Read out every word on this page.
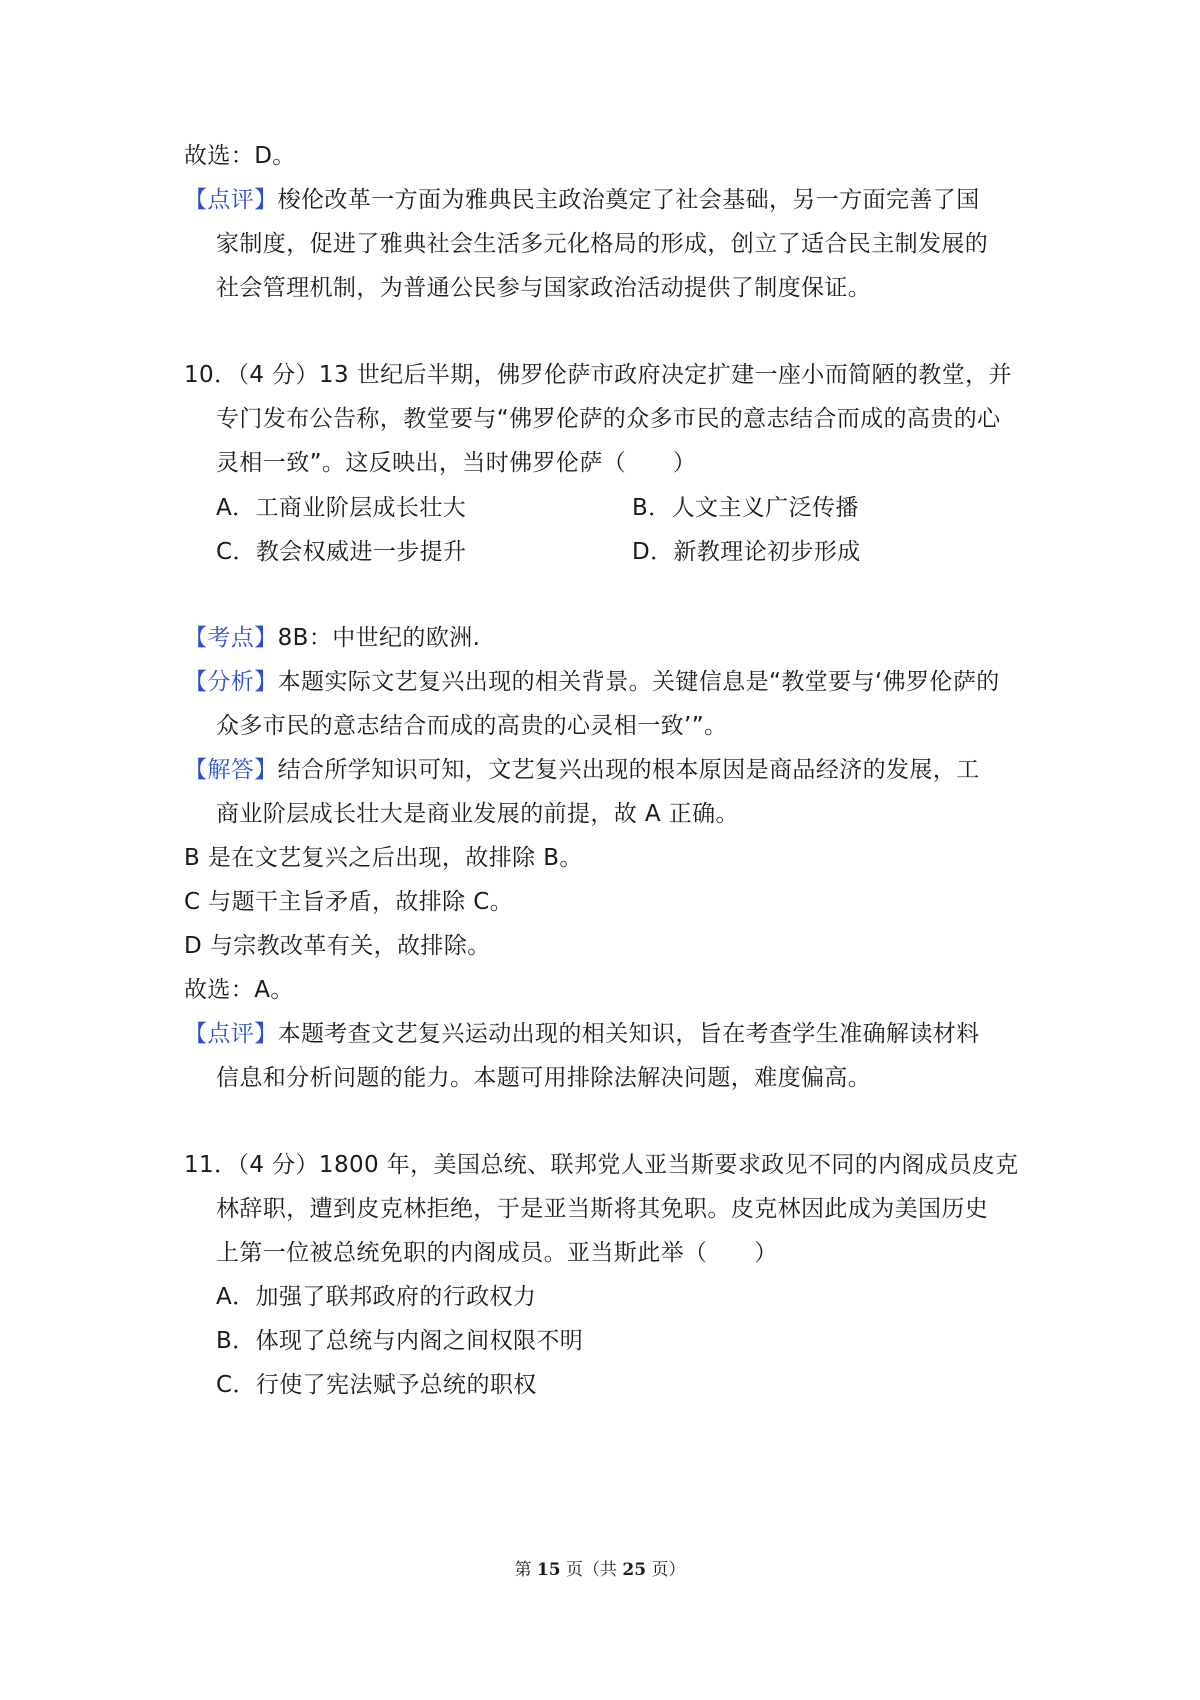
故选：D。
【点评】梭伦改革一方面为雅典民主政治奠定了社会基础，另一方面完善了国
家制度，促进了雅典社会生活多元化格局的形成，创立了适合民主制发展的
社会管理机制，为普通公民参与国家政治活动提供了制度保证。
10．（4 分）13 世纪后半期，佛罗伦萨市政府决定扩建一座小而简陋的教堂，并
专门发布公告称，教堂要与“佛罗伦萨的众多市民的意志结合而成的高贵的心
灵相一致”。这反映出，当时佛罗伦萨（　　）
A．工商业阶层成长壮大	B．人文主义广泛传播
C．教会权威进一步提升	D．新教理论初步形成
【考点】8B：中世纪的欧洲.
【分析】本题实际文艺复兴出现的相关背景。关键信息是“教堂要与‘佛罗伦萨的
众多市民的意志结合而成的高贵的心灵相一致’”。
【解答】结合所学知识可知，文艺复兴出现的根本原因是商品经济的发展，工
商业阶层成长壮大是商业发展的前提，故 A 正确。
B 是在文艺复兴之后出现，故排除 B。
C 与题干主旨矛盾，故排除 C。
D 与宗教改革有关，故排除。
故选：A。
【点评】本题考查文艺复兴运动出现的相关知识，旨在考查学生准确解读材料
信息和分析问题的能力。本题可用排除法解决问题，难度偏高。
11．（4 分）1800 年，美国总统、联邦党人亚当斯要求政见不同的内阁成员皮克
林辞职，遭到皮克林拒绝，于是亚当斯将其免职。皮克林因此成为美国历史
上第一位被总统免职的内阁成员。亚当斯此举（　　）
A．加强了联邦政府的行政权力
B．体现了总统与内阁之间权限不明
C．行使了宪法赋予总统的职权
第 15 页（共 25 页）
